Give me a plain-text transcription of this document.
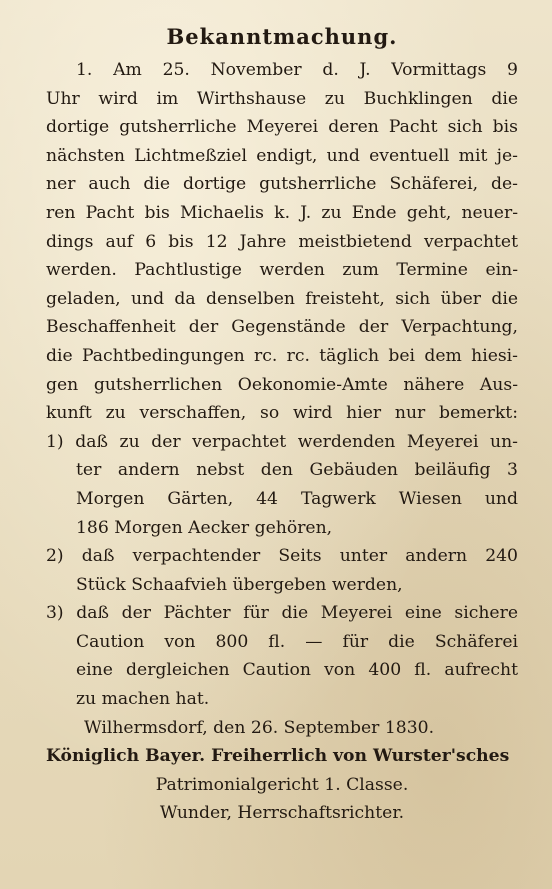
Bekanntmachung.
1. Am 25. November d. J. Vormittags 9
Uhr wird im Wirthshause zu Buchklingen die
dortige gutsherrliche Meyerei deren Pacht sich bis
nächsten Lichtmeßziel endigt, und eventuell mit je-
ner auch die dortige gutsherrliche Schäferei, de-
ren Pacht bis Michaelis k. J. zu Ende geht, neuer-
dings auf 6 bis 12 Jahre meistbietend verpachtet
werden. Pachtlustige werden zum Termine ein-
geladen, und da denselben freisteht, sich über die
Beschaffenheit der Gegenstände der Verpachtung,
die Pachtbedingungen rc. rc. täglich bei dem hiesi-
gen gutsherrlichen Oekonomie-Amte nähere Aus-
kunft zu verschaffen, so wird hier nur bemerkt:
1) daß zu der verpachtet werdenden Meyerei un-
ter andern nebst den Gebäuden beiläufig 3
Morgen Gärten, 44 Tagwerk Wiesen und
186 Morgen Aecker gehören,
2) daß verpachtender Seits unter andern 240
Stück Schaafvieh übergeben werden,
3) daß der Pächter für die Meyerei eine sichere
Caution von 800 fl. — für die Schäferei
eine dergleichen Caution von 400 fl. aufrecht
zu machen hat.
Wilhermsdorf, den 26. September 1830.
Königlich Bayer. Freiherrlich von Wurster'sches
Patrimonialgericht 1. Classe.
Wunder, Herrschaftsrichter.
